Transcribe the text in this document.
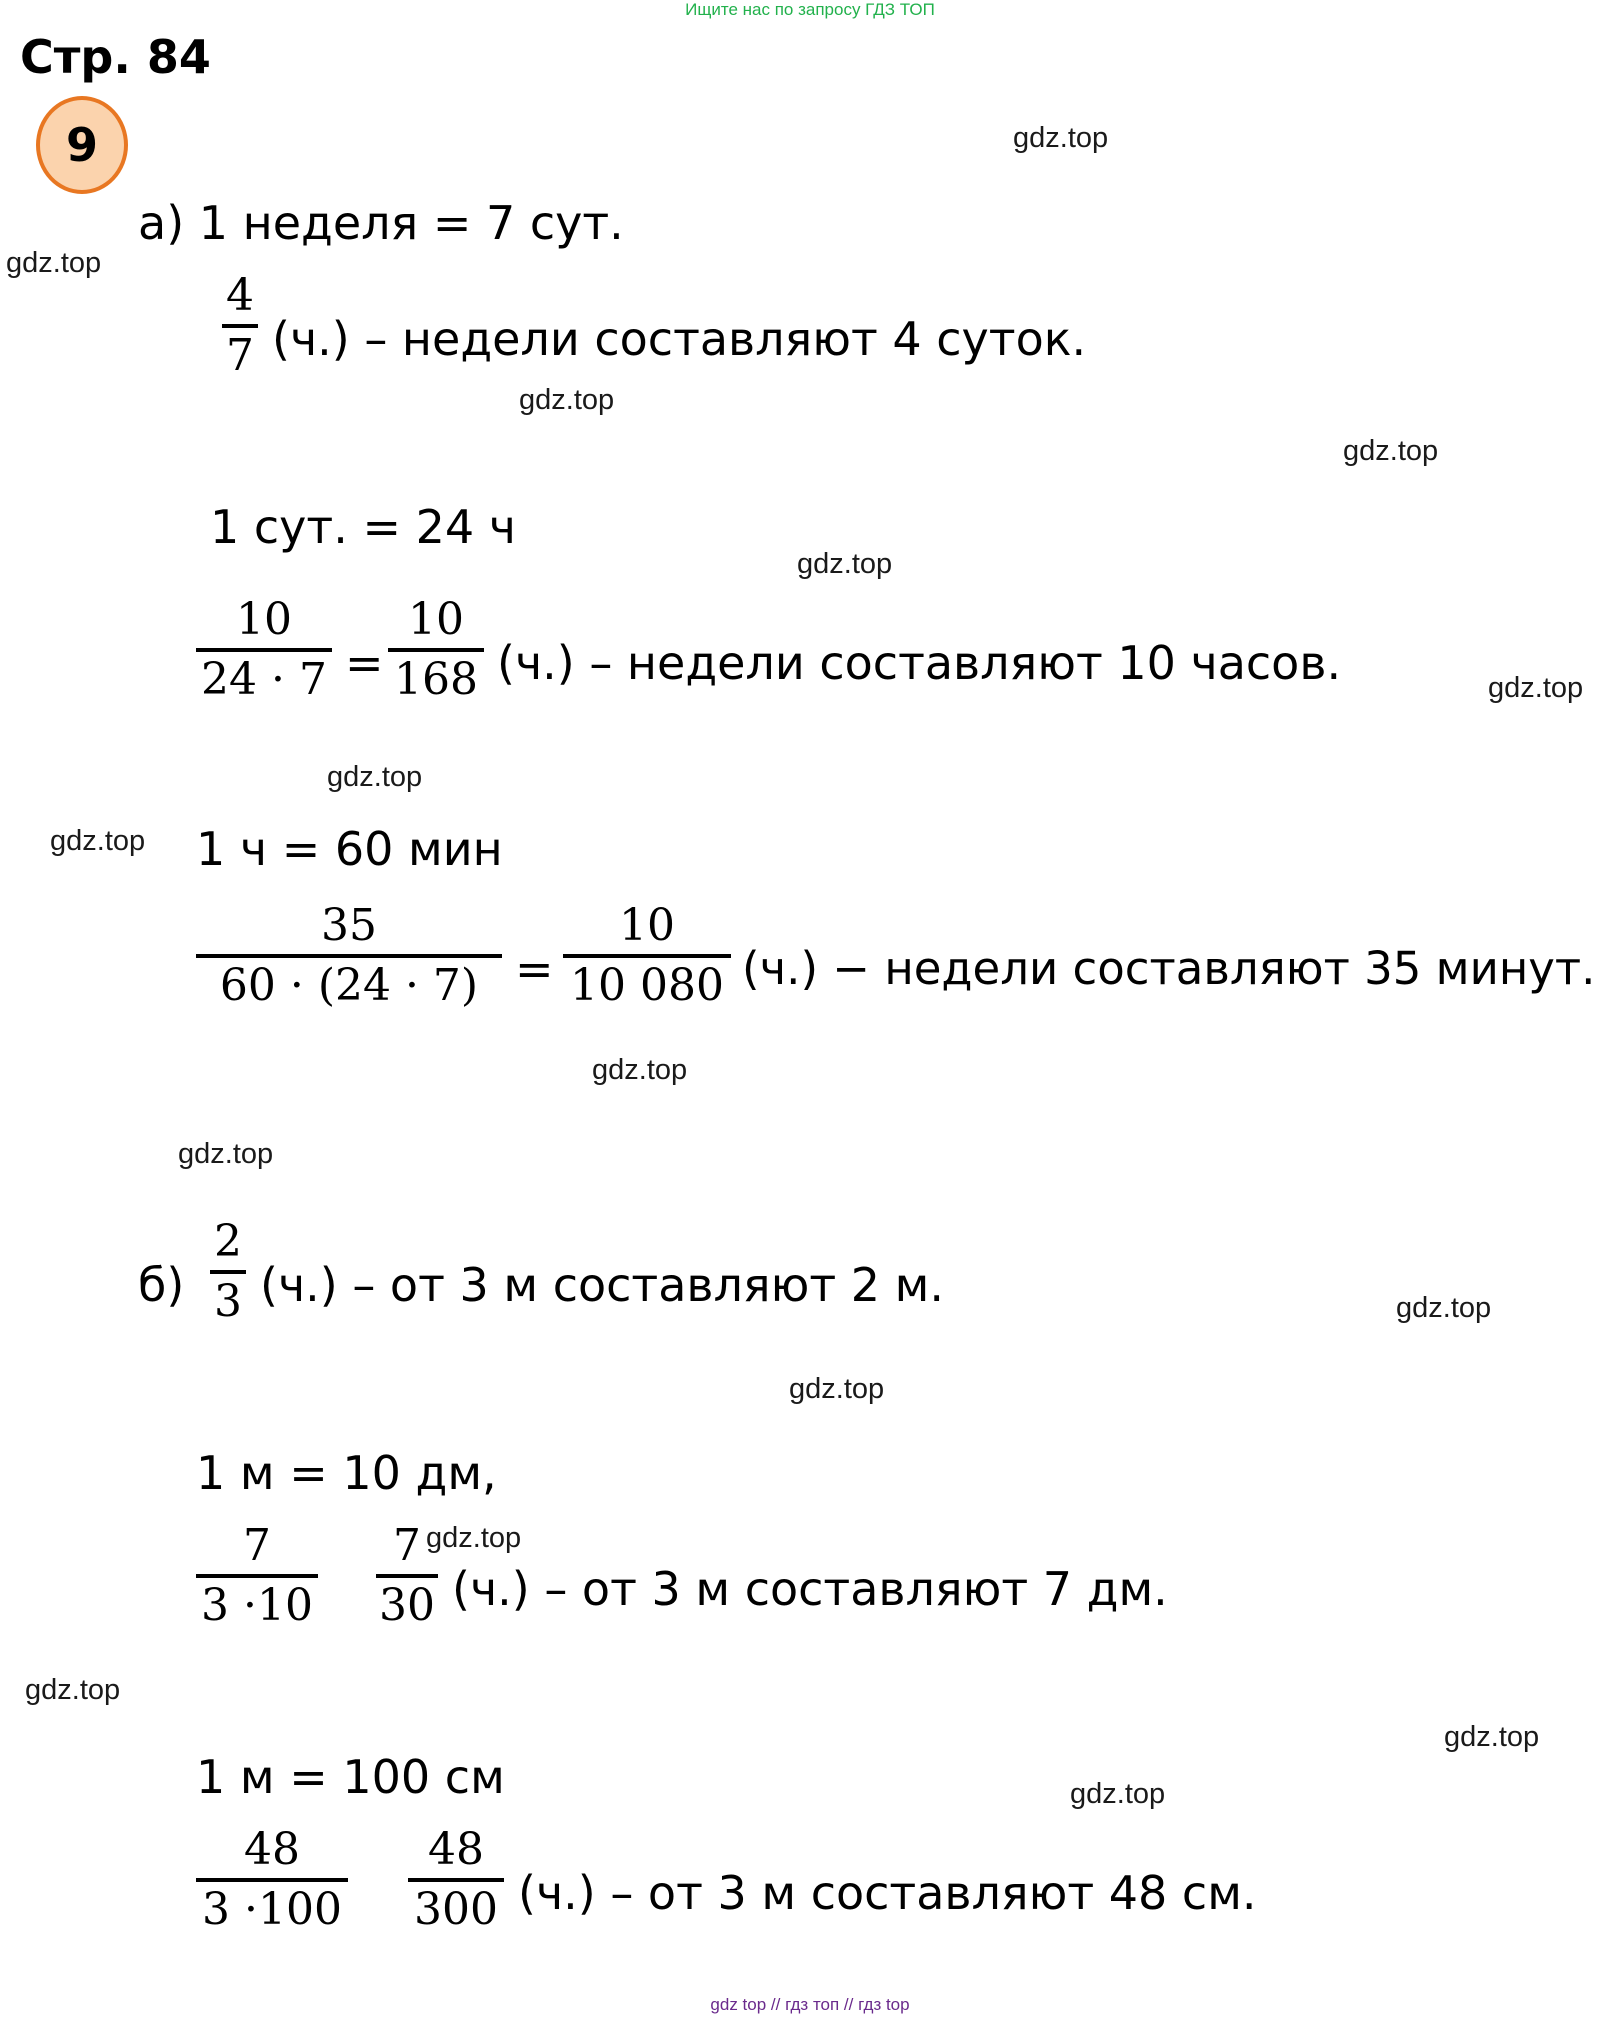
Ищите нас по запросу ГДЗ ТОП
Стр. 84
9	gdz.top
gdz.top
gdz.top
gdz.top
gdz.top
gdz.top
gdz.top
gdz.top
gdz.top
gdz.top
gdz.top
gdz.top
gdz.top
gdz.top
gdz.top
gdz.top
а) 1 неделя = 7 сут.
4
7 (ч.) – недели составляют 4 суток.
1 сут. = 24 ч
10
24 · 7 =
10
168 (ч.) – недели составляют 10 часов.
1 ч = 60 мин
35
60 · (24 · 7) =
10
10 080 (ч.) − недели составляют 35 минут.
б)
2
3 (ч.) – от 3 м составляют 2 м.
1 м = 10 дм,
7
3 ·10
7
30 (ч.) – от 3 м составляют 7 дм.
1 м = 100 см
48
3 ·100
48
300 (ч.) – от 3 м составляют 48 см.
gdz top // гдз топ // гдз top
